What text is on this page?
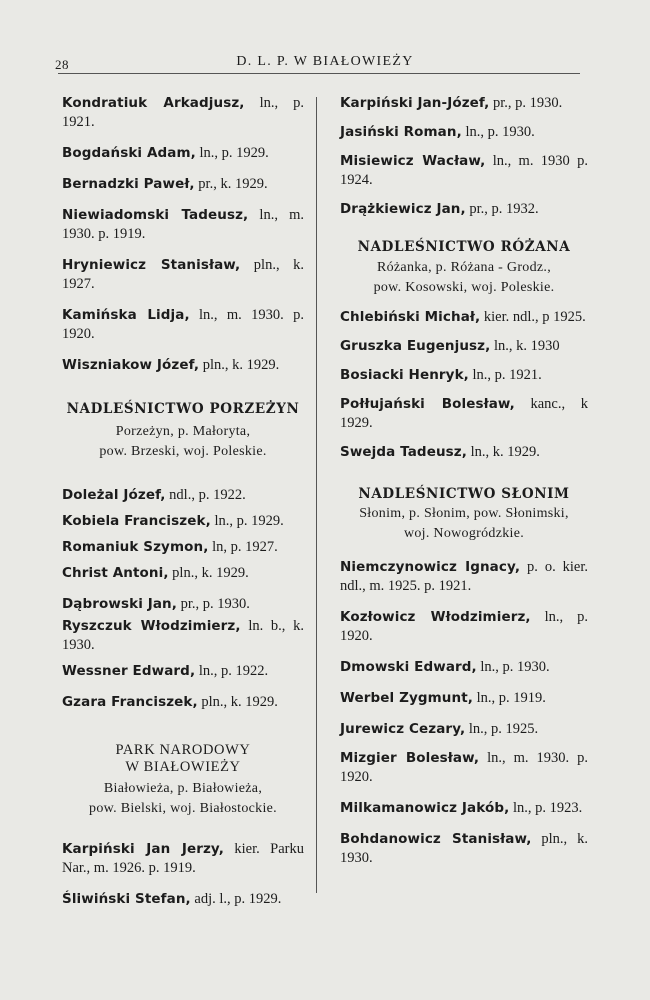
28	D. L. P. W BIAŁOWIEŻY
Kondratiuk Arkadjusz, ln., p. 1921.
Bogdański Adam, ln., p. 1929.
Bernadzki Paweł, pr., k. 1929.
Niewiadomski Tadeusz, ln., m. 1930. p. 1919.
Hryniewicz Stanisław, pln., k. 1927.
Kamińska Lidja, ln., m. 1930. p. 1920.
Wiszniakow Józef, pln., k. 1929.
NADLEŚNICTWO PORZEŻYN
Porzeżyn, p. Małoryta,
pow. Brzeski, woj. Poleskie.
Doleżal Józef, ndl., p. 1922.
Kobiela Franciszek, ln., p. 1929.
Romaniuk Szymon, ln, p. 1927.
Christ Antoni, pln., k. 1929.
Dąbrowski Jan, pr., p. 1930.
Ryszczuk Włodzimierz, ln. b., k. 1930.
Wessner Edward, ln., p. 1922.
Gzara Franciszek, pln., k. 1929.
PARK NARODOWY
W BIAŁOWIEŻY
Białowieża, p. Białowieża,
pow. Bielski, woj. Białostockie.
Karpiński Jan Jerzy, kier. Parku Nar., m. 1926. p. 1919.
Śliwiński Stefan, adj. l., p. 1929.
Karpiński Jan-Józef, pr., p. 1930.
Jasiński Roman, ln., p. 1930.
Misiewicz Wacław, ln., m. 1930 p. 1924.
Drążkiewicz Jan, pr., p. 1932.
NADLEŚNICTWO RÓŻANA
Różanka, p. Różana - Grodz.,
pow. Kosowski, woj. Poleskie.
Chlebiński Michał, kier. ndl., p 1925.
Gruszka Eugenjusz, ln., k. 1930
Bosiacki Henryk, ln., p. 1921.
Połłujański Bolesław, kanc., k 1929.
Swejda Tadeusz, ln., k. 1929.
NADLEŚNICTWO SŁONIM
Słonim, p. Słonim, pow. Słonimski,
woj. Nowogródzkie.
Niemczynowicz Ignacy, p. o. kier. ndl., m. 1925. p. 1921.
Kozłowicz Włodzimierz, ln., p. 1920.
Dmowski Edward, ln., p. 1930.
Werbel Zygmunt, ln., p. 1919.
Jurewicz Cezary, ln., p. 1925.
Mizgier Bolesław, ln., m. 1930. p. 1920.
Milkamanowicz Jakób, ln., p. 1923.
Bohdanowicz Stanisław, pln., k. 1930.
